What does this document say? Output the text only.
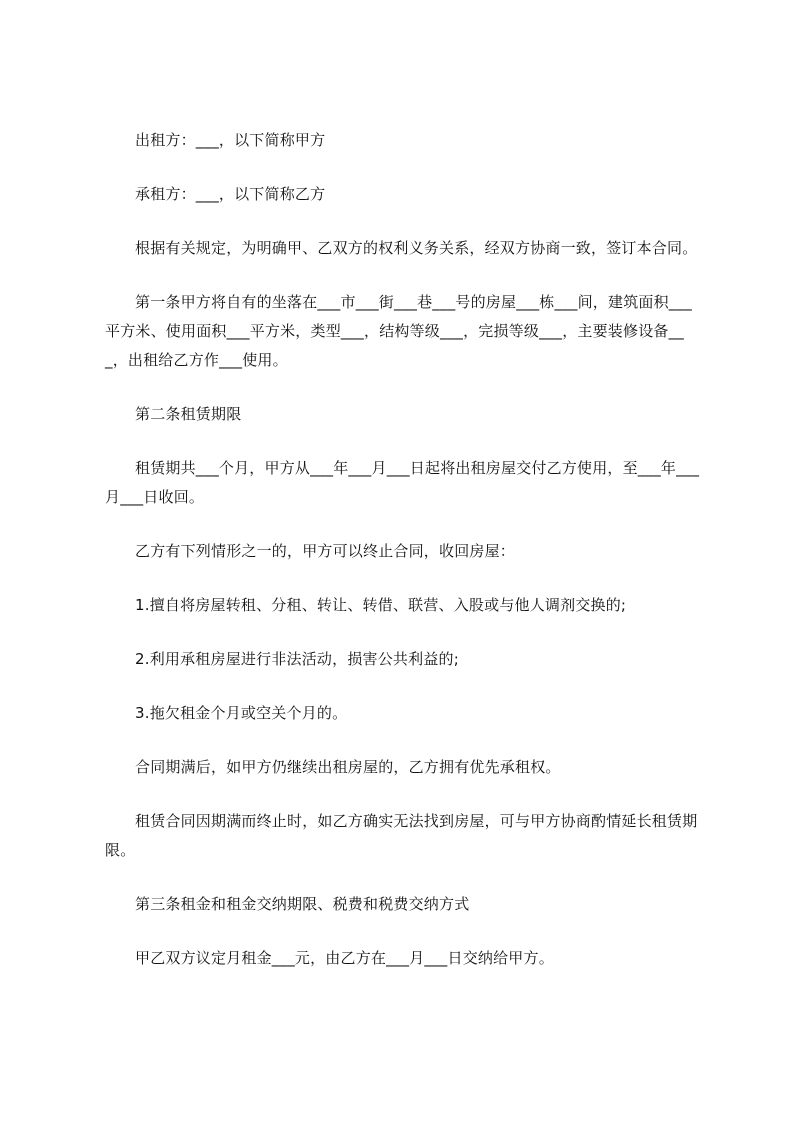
出租方：___，以下简称甲方

承租方：___，以下简称乙方

根据有关规定，为明确甲、乙双方的权利义务关系，经双方协商一致，签订本合同。

第一条甲方将自有的坐落在___市___街___巷___号的房屋___栋___间，建筑面积___平方米、使用面积___平方米，类型___，结构等级___，完损等级___，主要装修设备___，出租给乙方作___使用。

第二条租赁期限

租赁期共___个月，甲方从___年___月___日起将出租房屋交付乙方使用，至___年___月___日收回。

乙方有下列情形之一的，甲方可以终止合同，收回房屋：

1.擅自将房屋转租、分租、转让、转借、联营、入股或与他人调剂交换的;

2.利用承租房屋进行非法活动，损害公共利益的;

3.拖欠租金个月或空关个月的。

合同期满后，如甲方仍继续出租房屋的，乙方拥有优先承租权。

租赁合同因期满而终止时，如乙方确实无法找到房屋，可与甲方协商酌情延长租赁期限。

第三条租金和租金交纳期限、税费和税费交纳方式

甲乙双方议定月租金___元，由乙方在___月___日交纳给甲方。
